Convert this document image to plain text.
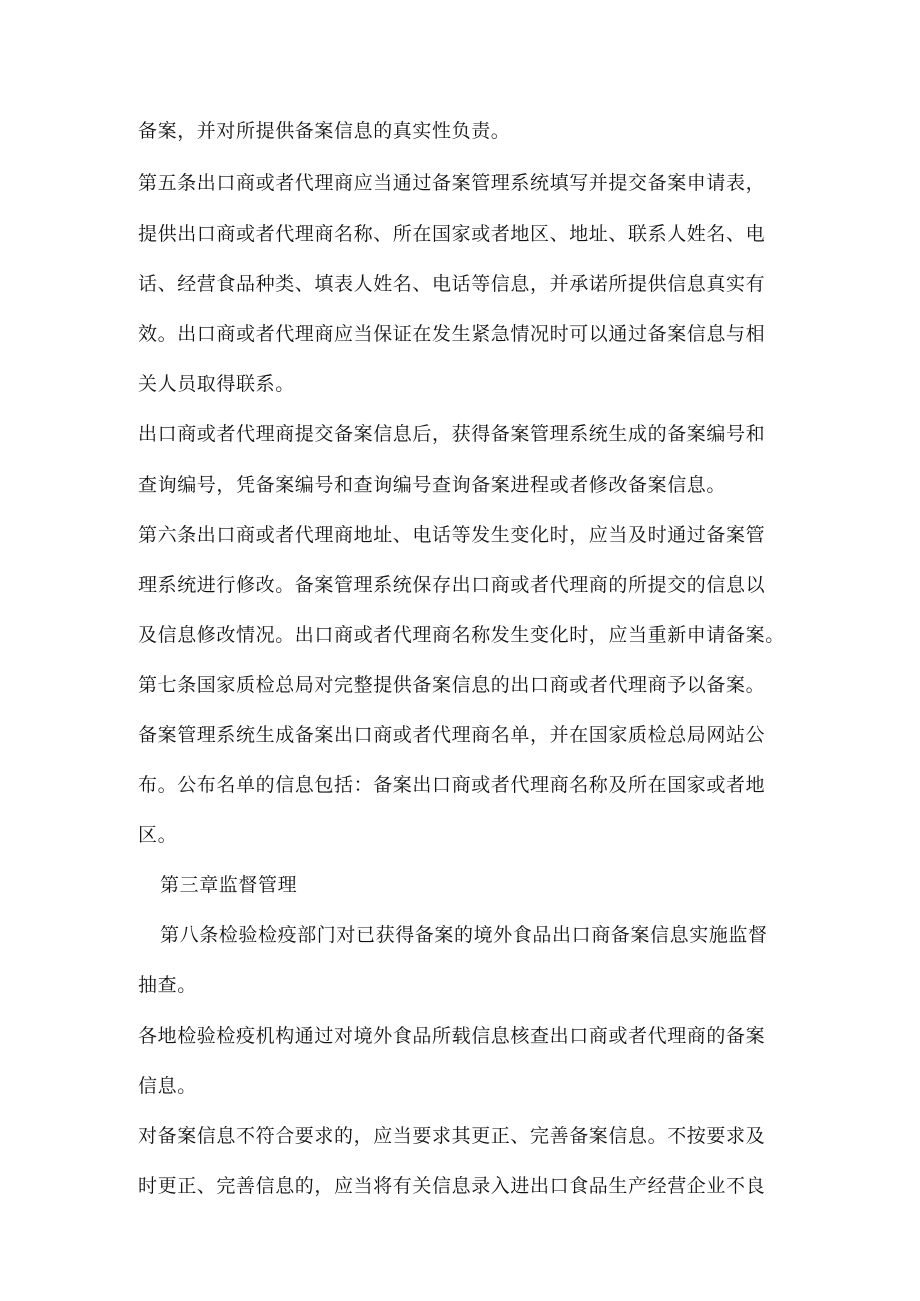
备案，并对所提供备案信息的真实性负责。
第五条出口商或者代理商应当通过备案管理系统填写并提交备案申请表，
提供出口商或者代理商名称、所在国家或者地区、地址、联系人姓名、电
话、经营食品种类、填表人姓名、电话等信息，并承诺所提供信息真实有
效。出口商或者代理商应当保证在发生紧急情况时可以通过备案信息与相
关人员取得联系。
出口商或者代理商提交备案信息后，获得备案管理系统生成的备案编号和
查询编号，凭备案编号和查询编号查询备案进程或者修改备案信息。
第六条出口商或者代理商地址、电话等发生变化时，应当及时通过备案管
理系统进行修改。备案管理系统保存出口商或者代理商的所提交的信息以
及信息修改情况。出口商或者代理商名称发生变化时，应当重新申请备案。
第七条国家质检总局对完整提供备案信息的出口商或者代理商予以备案。
备案管理系统生成备案出口商或者代理商名单，并在国家质检总局网站公
布。公布名单的信息包括：备案出口商或者代理商名称及所在国家或者地
区。
第三章监督管理
第八条检验检疫部门对已获得备案的境外食品出口商备案信息实施监督
抽查。
各地检验检疫机构通过对境外食品所载信息核查出口商或者代理商的备案
信息。
对备案信息不符合要求的，应当要求其更正、完善备案信息。不按要求及
时更正、完善信息的，应当将有关信息录入进出口食品生产经营企业不良
